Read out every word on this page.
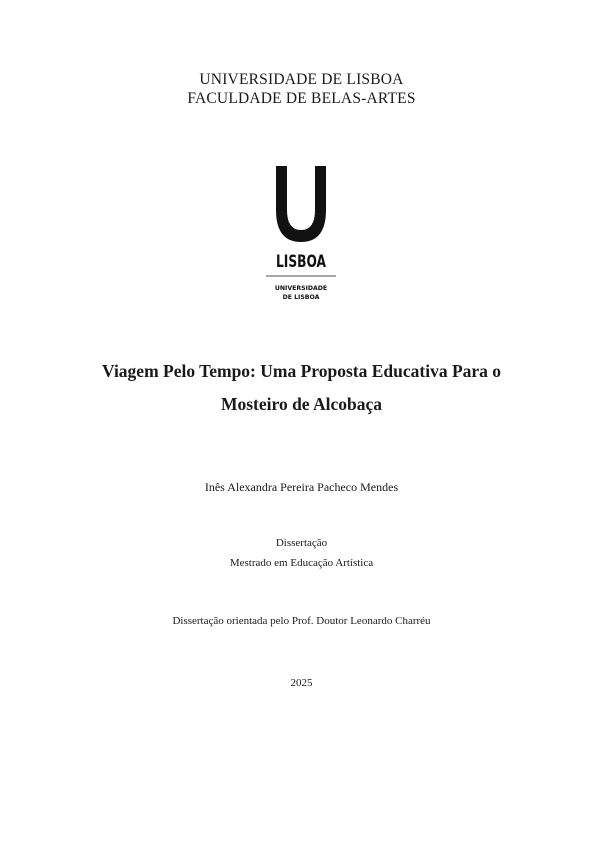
UNIVERSIDADE DE LISBOA
FACULDADE DE BELAS-ARTES
LISBOA
UNIVERSIDADE
DE LISBOA
Viagem Pelo Tempo: Uma Proposta Educativa Para o
Mosteiro de Alcobaça
Inês Alexandra Pereira Pacheco Mendes
Dissertação
Mestrado em Educação Artística
Dissertação orientada pelo Prof. Doutor Leonardo Charréu
2025
